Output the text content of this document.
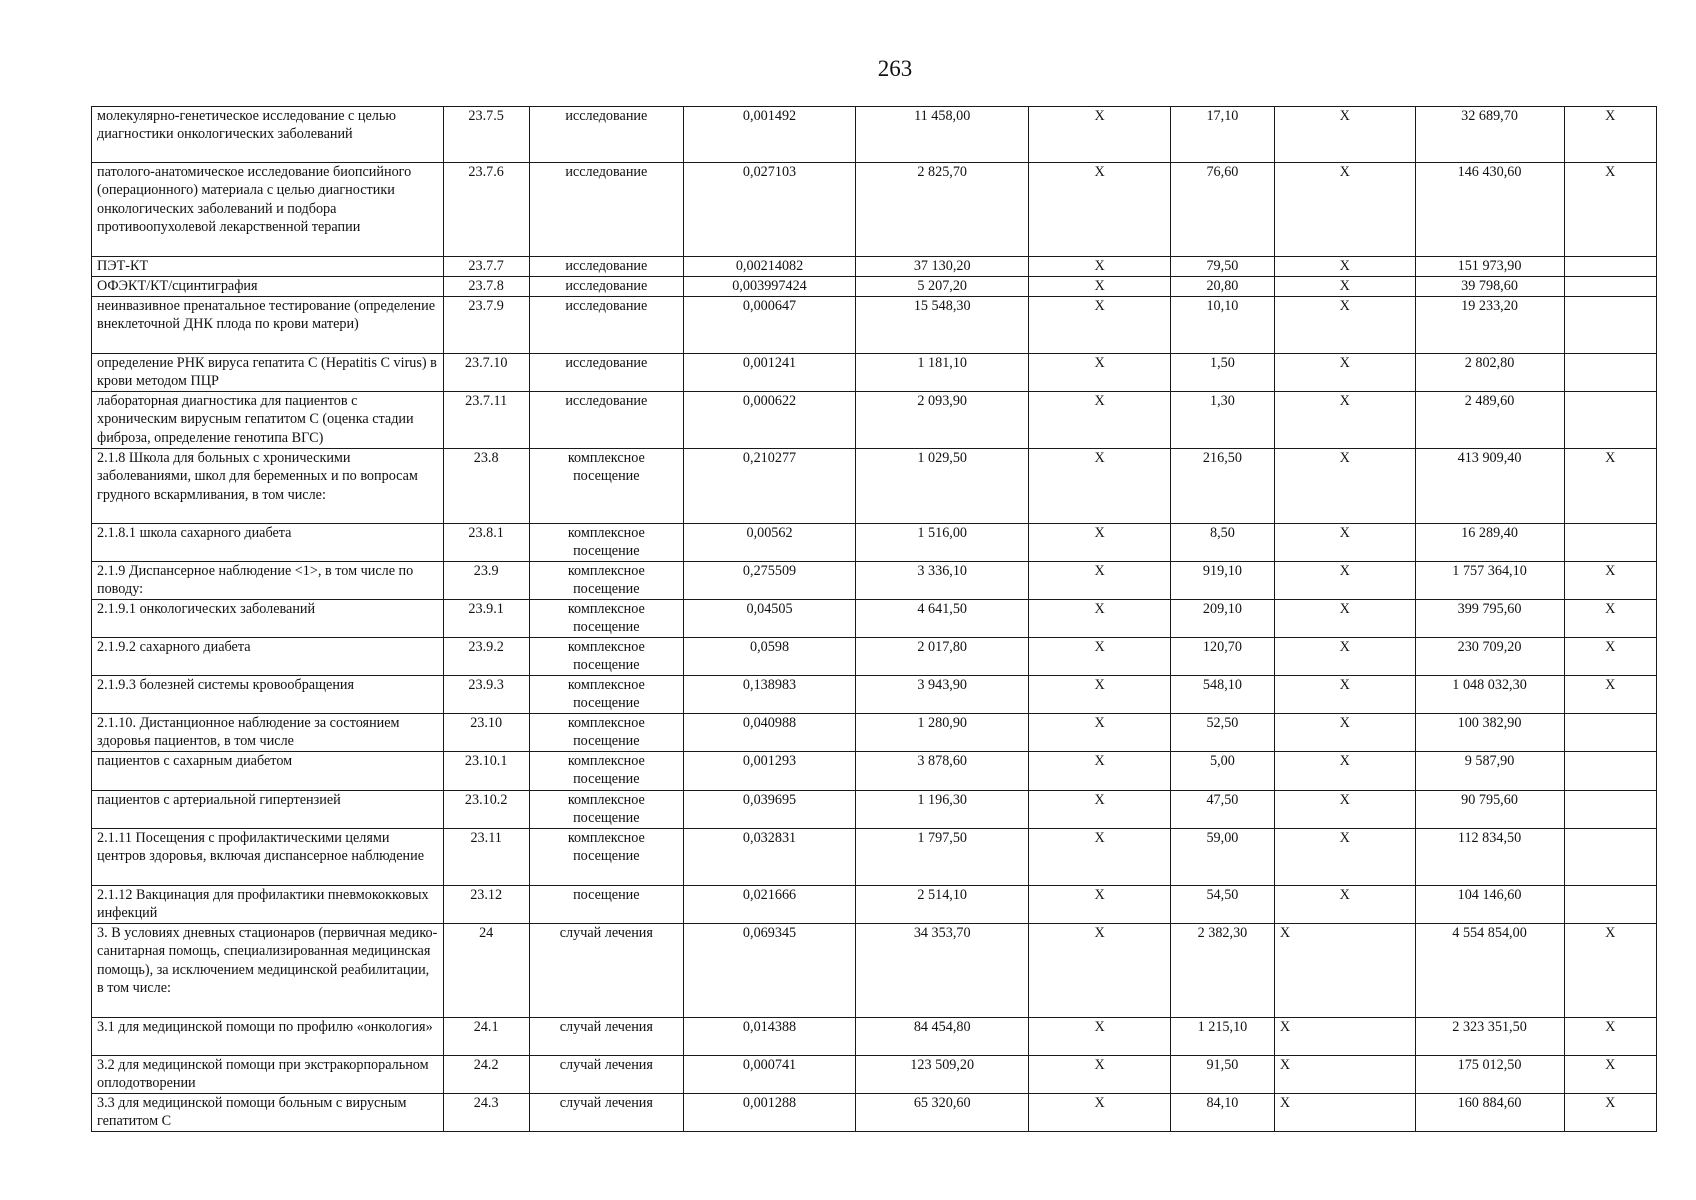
263
молекулярно-генетическое исследование с целью диагностики онкологических заболеваний	23.7.5	исследование	0,001492	11 458,00	X	17,10	X	32 689,70	X
патолого-анатомическое исследование биопсийного (операционного) материала с целью диагностики онкологических заболеваний и подбора противоопухолевой лекарственной терапии	23.7.6	исследование	0,027103	2 825,70	X	76,60	X	146 430,60	X
ПЭТ-КТ	23.7.7	исследование	0,00214082	37 130,20	X	79,50	X	151 973,90	
ОФЭКТ/КТ/сцинтиграфия	23.7.8	исследование	0,003997424	5 207,20	X	20,80	X	39 798,60	
неинвазивное пренатальное тестирование (определение внеклеточной ДНК плода по крови матери)	23.7.9	исследование	0,000647	15 548,30	X	10,10	X	19 233,20	
определение РНК вируса гепатита С (Hepatitis C virus) в крови методом ПЦР	23.7.10	исследование	0,001241	1 181,10	X	1,50	X	2 802,80	
лабораторная диагностика для пациентов с хроническим вирусным гепатитом С (оценка стадии фиброза, определение генотипа ВГС)	23.7.11	исследование	0,000622	2 093,90	X	1,30	X	2 489,60	
2.1.8 Школа для больных с хроническими заболеваниями, школ для беременных и по вопросам грудного вскармливания, в том числе:	23.8	комплексное посещение	0,210277	1 029,50	X	216,50	X	413 909,40	X
2.1.8.1 школа сахарного диабета	23.8.1	комплексное посещение	0,00562	1 516,00	X	8,50	X	16 289,40	
2.1.9 Диспансерное наблюдение <1>, в том числе по поводу:	23.9	комплексное посещение	0,275509	3 336,10	X	919,10	X	1 757 364,10	X
2.1.9.1 онкологических заболеваний	23.9.1	комплексное посещение	0,04505	4 641,50	X	209,10	X	399 795,60	X
2.1.9.2 сахарного диабета	23.9.2	комплексное посещение	0,0598	2 017,80	X	120,70	X	230 709,20	X
2.1.9.3 болезней системы кровообращения	23.9.3	комплексное посещение	0,138983	3 943,90	X	548,10	X	1 048 032,30	X
2.1.10. Дистанционное наблюдение за состоянием здоровья пациентов, в том числе	23.10	комплексное посещение	0,040988	1 280,90	X	52,50	X	100 382,90	
пациентов с сахарным диабетом	23.10.1	комплексное посещение	0,001293	3 878,60	X	5,00	X	9 587,90	
пациентов с артериальной гипертензией	23.10.2	комплексное посещение	0,039695	1 196,30	X	47,50	X	90 795,60	
2.1.11 Посещения с профилактическими целями центров здоровья, включая диспансерное наблюдение	23.11	комплексное посещение	0,032831	1 797,50	X	59,00	X	112 834,50	
2.1.12 Вакцинация для профилактики пневмококковых инфекций	23.12	посещение	0,021666	2 514,10	X	54,50	X	104 146,60	
3. В условиях дневных стационаров (первичная медико-санитарная помощь, специализированная медицинская помощь), за исключением медицинской реабилитации, в том числе:	24	случай лечения	0,069345	34 353,70	X	2 382,30	X	4 554 854,00	X
3.1 для медицинской помощи по профилю «онкология»	24.1	случай лечения	0,014388	84 454,80	X	1 215,10	X	2 323 351,50	X
3.2 для медицинской помощи при экстракорпоральном оплодотворении	24.2	случай лечения	0,000741	123 509,20	X	91,50	X	175 012,50	X
3.3 для медицинской помощи больным с вирусным гепатитом С	24.3	случай лечения	0,001288	65 320,60	X	84,10	X	160 884,60	X
